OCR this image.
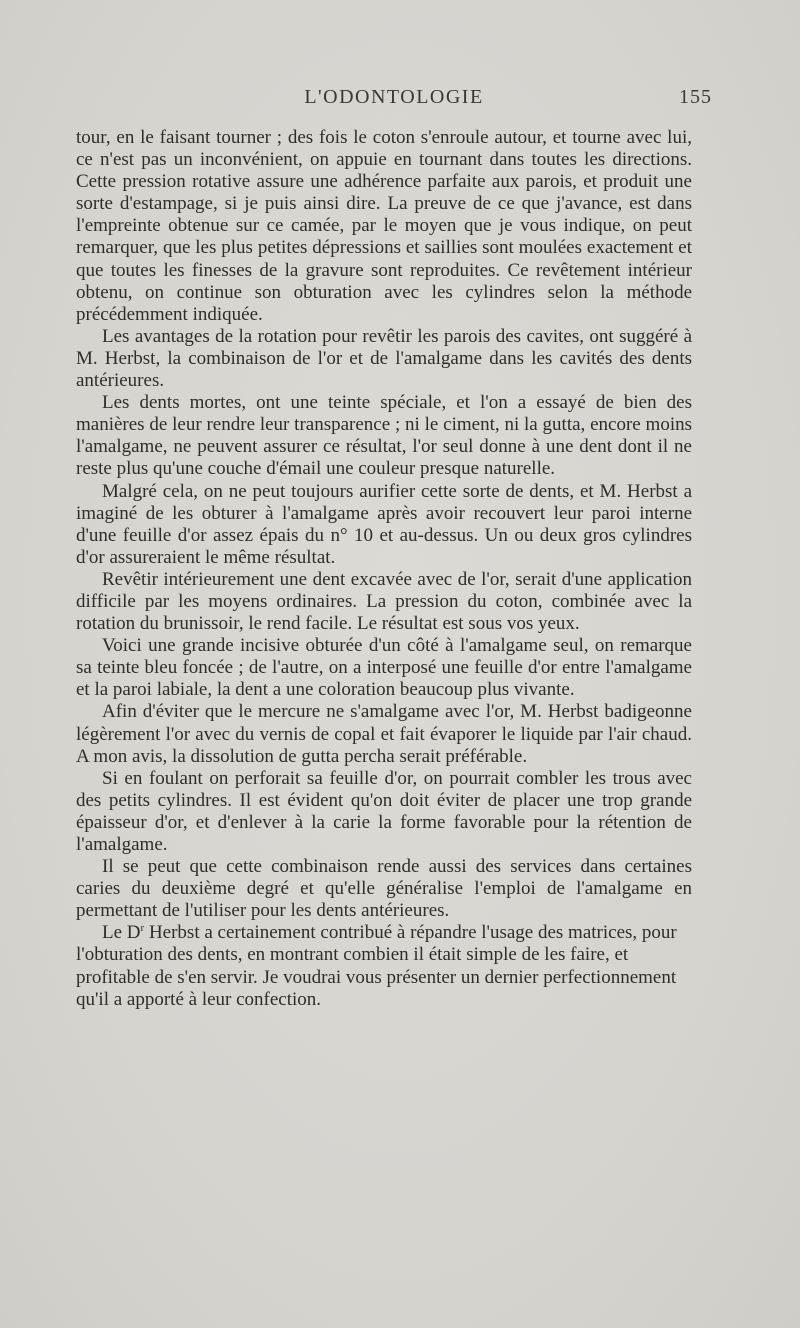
L'ODONTOLOGIE	155

tour, en le faisant tourner ; des fois le coton s'enroule autour, et tourne avec lui, ce n'est pas un inconvénient, on appuie en tournant dans toutes les directions. Cette pression rotative assure une adhérence parfaite aux parois, et produit une sorte d'estampage, si je puis ainsi dire. La preuve de ce que j'avance, est dans l'empreinte obtenue sur ce camée, par le moyen que je vous indique, on peut remarquer, que les plus petites dépressions et saillies sont moulées exactement et que toutes les finesses de la gravure sont reproduites. Ce revêtement intérieur obtenu, on continue son obturation avec les cylindres selon la méthode précédemment indiquée.

Les avantages de la rotation pour revêtir les parois des cavites, ont suggéré à M. Herbst, la combinaison de l'or et de l'amalgame dans les cavités des dents antérieures.

Les dents mortes, ont une teinte spéciale, et l'on a essayé de bien des manières de leur rendre leur transparence ; ni le ciment, ni la gutta, encore moins l'amalgame, ne peuvent assurer ce résultat, l'or seul donne à une dent dont il ne reste plus qu'une couche d'émail une couleur presque naturelle.

Malgré cela, on ne peut toujours aurifier cette sorte de dents, et M. Herbst a imaginé de les obturer à l'amalgame après avoir recouvert leur paroi interne d'une feuille d'or assez épais du n° 10 et au-dessus. Un ou deux gros cylindres d'or assureraient le même résultat.

Revêtir intérieurement une dent excavée avec de l'or, serait d'une application difficile par les moyens ordinaires. La pression du coton, combinée avec la rotation du brunissoir, le rend facile. Le résultat est sous vos yeux.

Voici une grande incisive obturée d'un côté à l'amalgame seul, on remarque sa teinte bleu foncée ; de l'autre, on a interposé une feuille d'or entre l'amalgame et la paroi labiale, la dent a une coloration beaucoup plus vivante.

Afin d'éviter que le mercure ne s'amalgame avec l'or, M. Herbst badigeonne légèrement l'or avec du vernis de copal et fait évaporer le liquide par l'air chaud. A mon avis, la dissolution de gutta percha serait préférable.

Si en foulant on perforait sa feuille d'or, on pourrait combler les trous avec des petits cylindres. Il est évident qu'on doit éviter de placer une trop grande épaisseur d'or, et d'enlever à la carie la forme favorable pour la rétention de l'amalgame.

Il se peut que cette combinaison rende aussi des services dans certaines caries du deuxième degré et qu'elle généralise l'emploi de l'amalgame en permettant de l'utiliser pour les dents antérieures.

Le $D^r$ Herbst a certainement contribué à répandre l'usage des matrices, pour l'obturation des dents, en montrant combien il était simple de les faire, et profitable de s'en servir. Je voudrai vous présenter un dernier perfectionnement qu'il a apporté à leur confection.
